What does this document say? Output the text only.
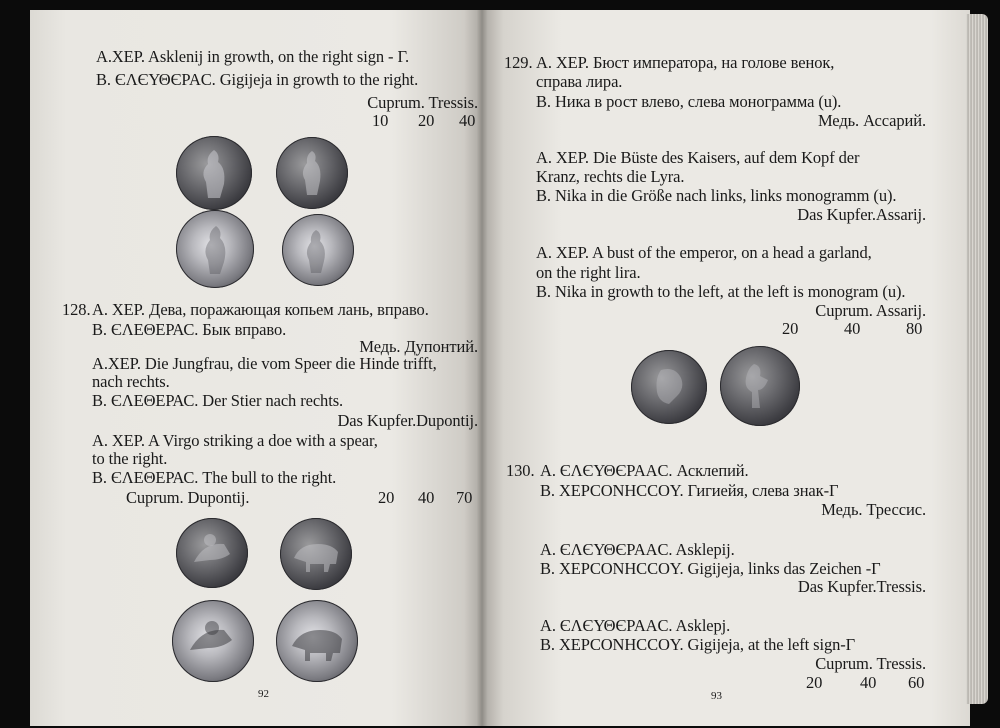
А.XEP. Asklenij in growth, on the right sign - Г.
B. ЄΛЄΥΘЄΡΑC. Gigijeja in growth to the right.
Cuprum. Tressis.
10 20 40
128. А. XEP. Дева, поражающая копьем лань, вправо.
В. ЄΛЕΘЕРАС. Бык вправо.
Медь. Дупонтий.
A.XEP. Die Jungfrau, die vom Speer die Hinde trifft,
nach rechts.
B. ЄΛЕΘЕРАС. Der Stier nach rechts.
Das Kupfer.Dupontij.
A. XEP. A Virgo striking a doe with a spear,
to the right.
B. ЄΛЕΘЕРАС. The bull to the right.
Cuprum. Dupontij.	20 40 70
92
129. А. XEP. Бюст императора, на голове венок,
справа лира.
В. Ника в рост влево, слева монограмма (u).
Медь. Ассарий.
A. XEP. Die Büste des Kaisers, auf dem Kopf der
Kranz, rechts die Lyra.
B. Nika in die Größe nach links, links monogramm (u).
Das Kupfer.Assarij.
A. XEP. A bust of the emperor, on a head a garland,
on the right lira.
B. Nika in growth to the left, at the left is monogram (u).
Cuprum. Assarij.
20	40	80
130. А. ЄΛЄΥΘЄΡΑΑC. Асклепий.
В. XEPCONHCCOY. Гигиейя, слева знак-Г
Медь. Трессис.
A. ЄΛЄΥΘЄΡΑΑC. Asklepij.
B. XEPCONHCCOY. Gigijeja, links das Zeichen -Г
Das Kupfer.Tressis.
A. ЄΛЄΥΘЄΡΑΑC. Asklepj.
B. XEPCONHCCOY. Gigijeja, at the left sign-Г
Cuprum. Tressis.
20 40 60
93
